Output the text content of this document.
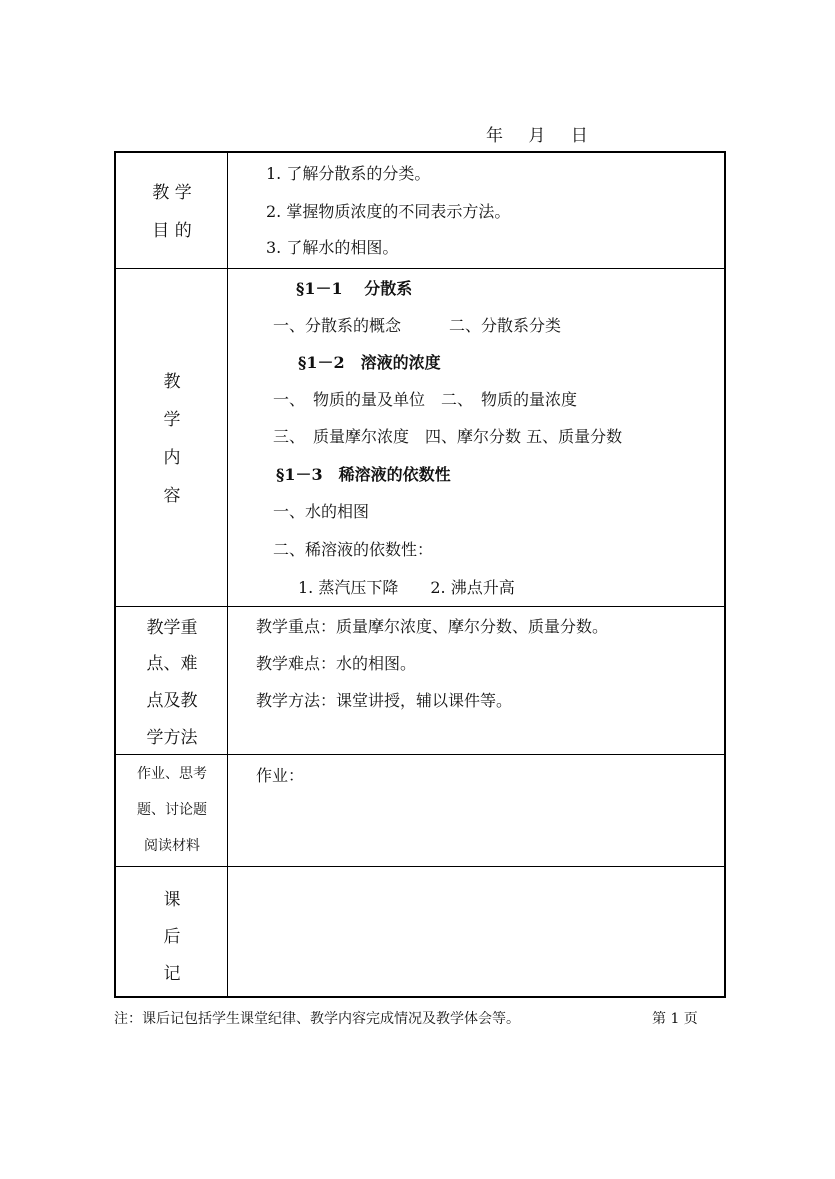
年 月 日
教 学
目 的
1. 了解分散系的分类。
2. 掌握物质浓度的不同表示方法。
3. 了解水的相图。
教
学
内
容
§1－1　 分散系
一、分散系的概念　　　二、分散系分类
§1－2　溶液的浓度
一、　物质的量及单位　二、　物质的量浓度
三、　质量摩尔浓度　四、摩尔分数 五、质量分数
§1－3　稀溶液的依数性
一、水的相图
二、稀溶液的依数性：
1. 蒸汽压下降　　2. 沸点升高
教学重
点、难
点及教
学方法
教学重点：质量摩尔浓度、摩尔分数、质量分数。
教学难点：水的相图。
教学方法：课堂讲授，辅以课件等。
作业、思考
题、讨论题
阅读材料
作业：
课
后
记
注：课后记包括学生课堂纪律、教学内容完成情况及教学体会等。	第 1 页
